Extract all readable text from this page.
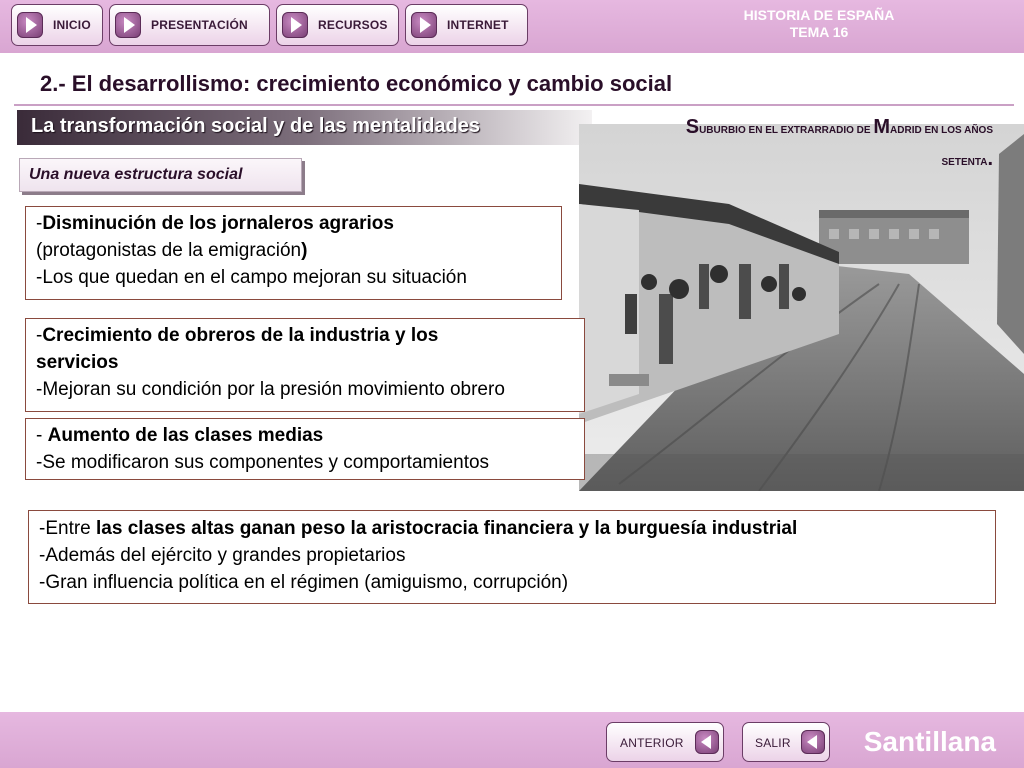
INICIO	PRESENTACIÓN	RECURSOS	INTERNET
HISTORIA DE ESPAÑA
TEMA 16
2.- El desarrollismo: crecimiento económico y cambio social
La transformación social y de las mentalidades
Una nueva estructura social
SUBURBIO EN EL EXTRARRADIO DE MADRID EN LOS AÑOS
SETENTA.
-Disminución de los jornaleros agrarios
(protagonistas de la emigración)
-Los que quedan en el campo mejoran su situación
-Crecimiento de obreros de la industria y los
servicios
-Mejoran su condición por la presión movimiento obrero
- Aumento de las clases medias
-Se modificaron sus componentes y comportamientos
-Entre las clases altas ganan peso la aristocracia financiera y la burguesía industrial
-Además del ejército y grandes propietarios
-Gran influencia política en el régimen (amiguismo, corrupción)
ANTERIOR	SALIR	Santillana
